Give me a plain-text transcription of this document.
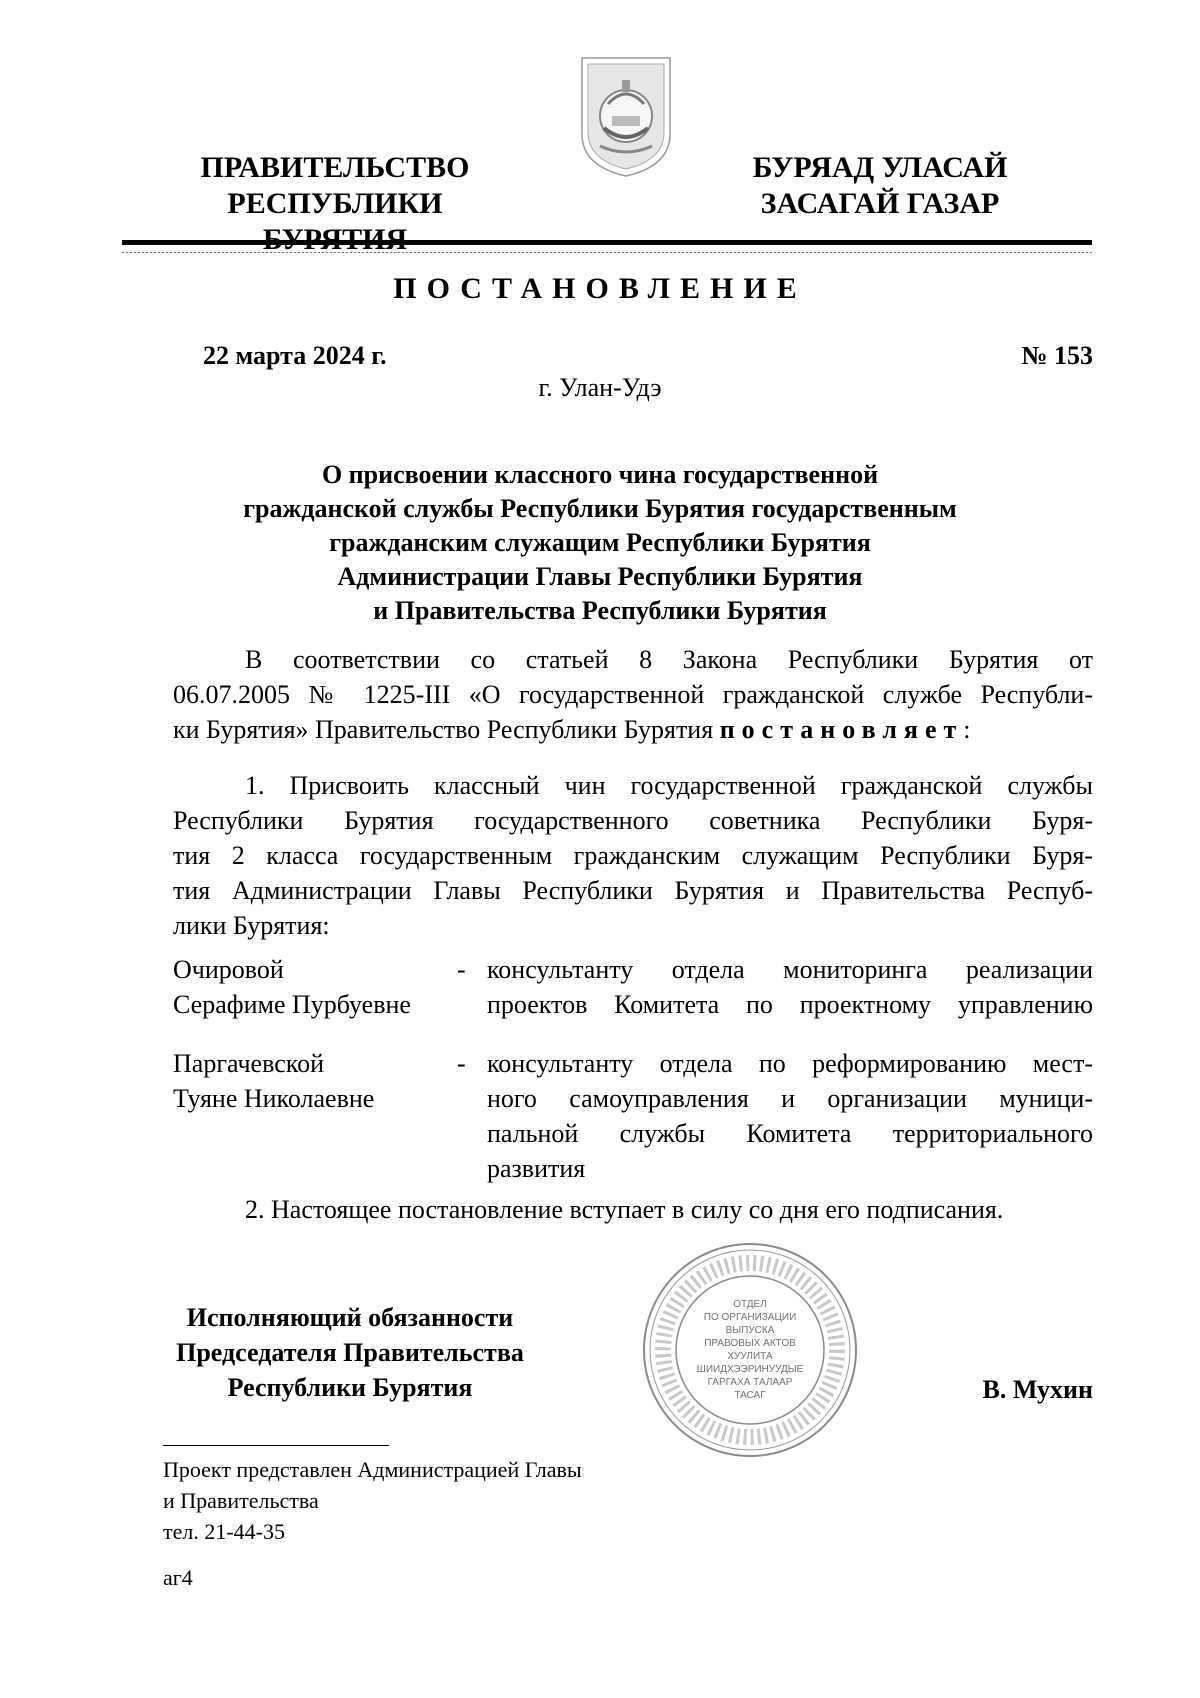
ПРАВИТЕЛЬСТВО
РЕСПУБЛИКИ
БУРЯАД УЛАСАЙ
ЗАСАГАЙ ГАЗАР
ПОСТАНОВЛЕНИЕ
22 марта 2024 г.	№ 153
г. Улан-Удэ
О присвоении классного чина государственной
гражданской службы Республики Бурятия государственным
гражданским служащим Республики Бурятия
Администрации Главы Республики Бурятия
и Правительства Республики Бурятия
В соответствии со статьей 8 Закона Республики Бурятия от
06.07.2005 № 1225-III «О государственной гражданской службе Республи-
ки Бурятия» Правительство Республики Бурятия постановляет:
1. Присвоить классный чин государственной гражданской службы
Республики Бурятия государственного советника Республики Буря-
тия 2 класса государственным гражданским служащим Республики Буря-
тия Администрации Главы Республики Бурятия и Правительства Респуб-
лики Бурятия:
Очировой
Серафиме Пурбуевне
- консультанту отдела мониторинга реализации
проектов Комитета по проектному управлению
Паргачевской
Туяне Николаевне
- консультанту отдела по реформированию мест-
ного самоуправления и организации муници-
пальной службы Комитета территориального
развития
2. Настоящее постановление вступает в силу со дня его подписания.
Исполняющий обязанности
Председателя Правительства
Республики Бурятия	В. Мухин
ОТДЕЛ
ПО ОРГАНИЗАЦИИ
ВЫПУСКА
ПРАВОВЫХ АКТОВ
ХУУЛИТА
ШИИДХЭЭРИНУУДЫЕ
ГАРГАХА ТАЛААР
ТАСАГ
Проект представлен Администрацией Главы
и Правительства
тел. 21-44-35
аг4
